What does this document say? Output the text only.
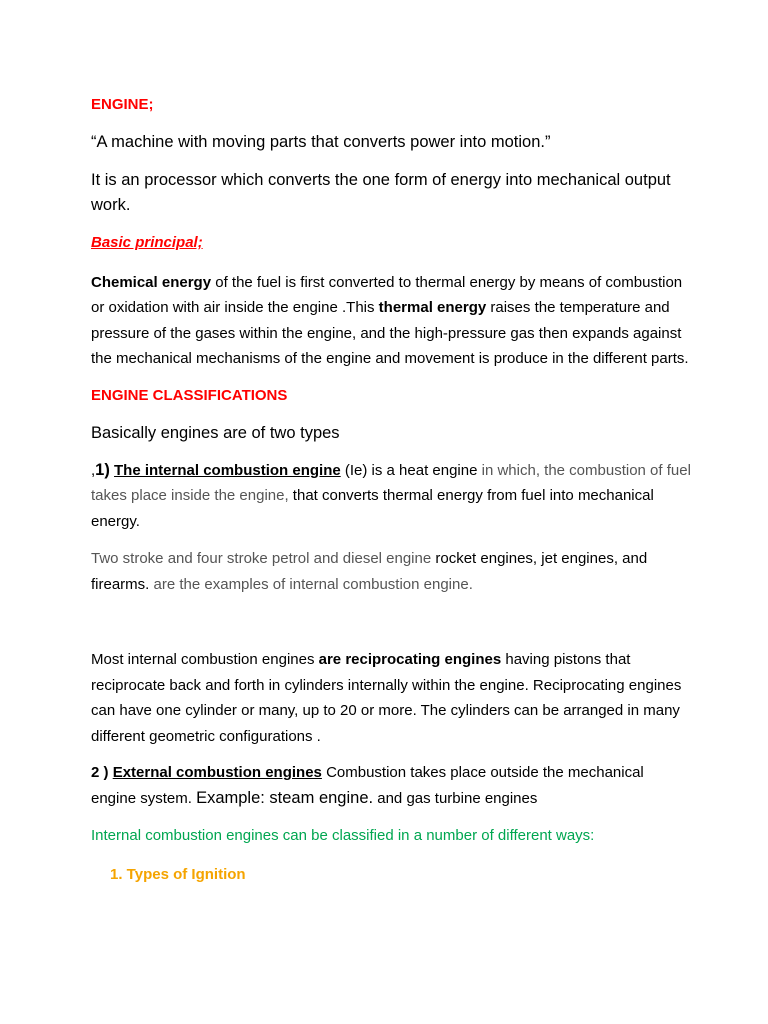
ENGINE;

“A machine with moving parts that converts power into motion.”

It is an processor which converts the one form of energy into mechanical output work.

Basic principal;

Chemical energy of the fuel is first converted to thermal energy by means of combustion or oxidation with air inside the engine .This thermal energy raises the temperature and pressure of the gases within the engine, and the high-pressure gas then expands against the mechanical mechanisms of the engine and movement is produce in the different parts.

ENGINE CLASSIFICATIONS

Basically engines are of two types

,1) The internal combustion engine (Ie) is a heat engine in which, the combustion of fuel takes place inside the engine, that converts thermal energy from fuel into mechanical energy.

Two stroke and four stroke petrol and diesel engine rocket engines, jet engines, and firearms. are the examples of internal combustion engine.

Most internal combustion engines are reciprocating engines having pistons that reciprocate back and forth in cylinders internally within the engine. Reciprocating engines can have one cylinder or many, up to 20 or more. The cylinders can be arranged in many different geometric configurations .

2 ) External combustion engines Combustion takes place outside the mechanical engine system. Example: steam engine. and gas turbine engines

Internal combustion engines can be classified in a number of different ways:

1. Types of Ignition
